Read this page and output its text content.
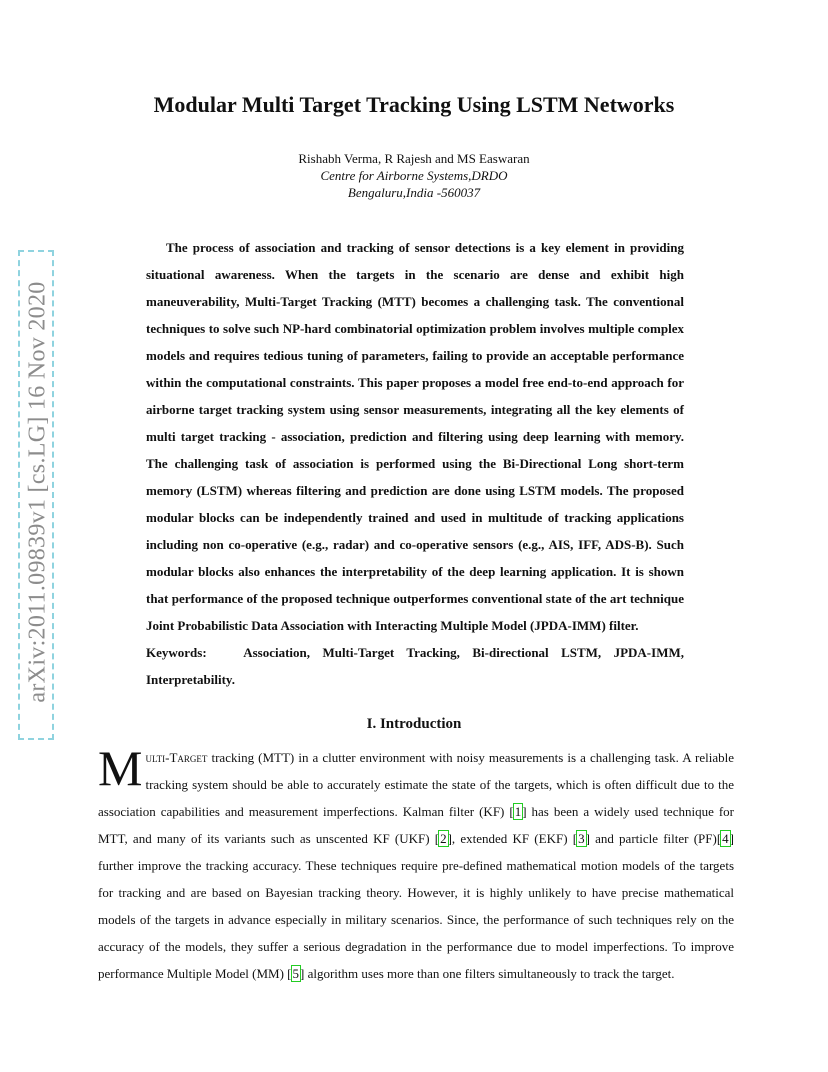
arXiv:2011.09839v1 [cs.LG] 16 Nov 2020
Modular Multi Target Tracking Using LSTM Networks
Rishabh Verma, R Rajesh and MS Easwaran
Centre for Airborne Systems,DRDO
Bengaluru,India -560037

The process of association and tracking of sensor detections is a key element in providing situational awareness. When the targets in the scenario are dense and exhibit high maneuverability, Multi-Target Tracking (MTT) becomes a challenging task. The conventional techniques to solve such NP-hard combinatorial optimization problem involves multiple complex models and requires tedious tuning of parameters, failing to provide an acceptable performance within the computational constraints. This paper proposes a model free end-to-end approach for airborne target tracking system using sensor measurements, integrating all the key elements of multi target tracking - association, prediction and filtering using deep learning with memory. The challenging task of association is performed using the Bi-Directional Long short-term memory (LSTM) whereas filtering and prediction are done using LSTM models. The proposed modular blocks can be independently trained and used in multitude of tracking applications including non co-operative (e.g., radar) and co-operative sensors (e.g., AIS, IFF, ADS-B). Such modular blocks also enhances the interpretability of the deep learning application. It is shown that performance of the proposed technique outperformes conventional state of the art technique Joint Probabilistic Data Association with Interacting Multiple Model (JPDA-IMM) filter.

Keywords:	Association, Multi-Target Tracking, Bi-directional LSTM, JPDA-IMM, Interpretability.

I. Introduction

Multi-Target tracking (MTT) in a clutter environment with noisy measurements is a challenging task. A reliable tracking system should be able to accurately estimate the state of the targets, which is often difficult due to the association capabilities and measurement imperfections. Kalman filter (KF) [1] has been a widely used technique for MTT, and many of its variants such as unscented KF (UKF) [2], extended KF (EKF) [3] and particle filter (PF)[4] further improve the tracking accuracy. These techniques require pre-defined mathematical motion models of the targets for tracking and are based on Bayesian tracking theory. However, it is highly unlikely to have precise mathematical models of the targets in advance especially in military scenarios. Since, the performance of such techniques rely on the accuracy of the models, they suffer a serious degradation in the performance due to model imperfections. To improve performance Multiple Model (MM) [5] algorithm uses more than one filters simultaneously to track the target.
